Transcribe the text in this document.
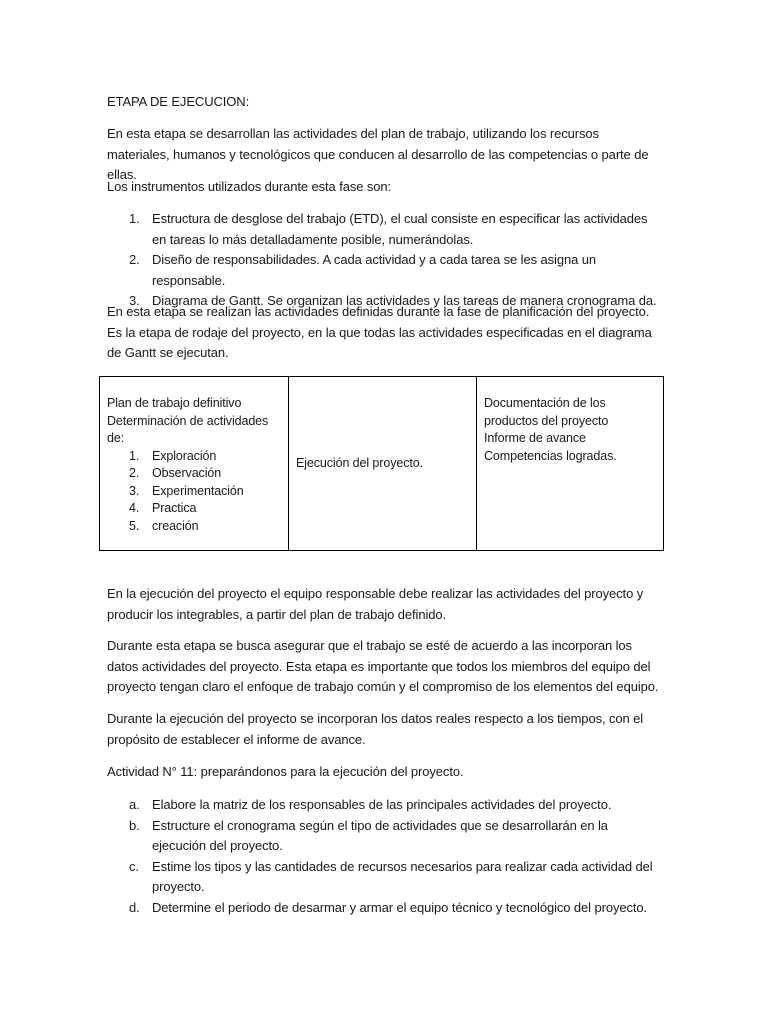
ETAPA DE EJECUCION:

En esta etapa se desarrollan las actividades del plan de trabajo, utilizando los recursos materiales, humanos y tecnológicos que conducen al desarrollo de las competencias o parte de ellas.

Los instrumentos utilizados durante esta fase son:

1. Estructura de desglose del trabajo (ETD), el cual consiste en especificar las actividades en tareas lo más detalladamente posible, numerándolas.
2. Diseño de responsabilidades. A cada actividad y a cada tarea se les asigna un responsable.
3. Diagrama de Gantt. Se organizan las actividades y las tareas de manera cronograma da.

En esta etapa se realizan las actividades definidas durante la fase de planificación del proyecto. Es la etapa de rodaje del proyecto, en la que todas las actividades especificadas en el diagrama de Gantt se ejecutan.

Plan de trabajo definitivo
Determinación de actividades de:
1. Exploración
2. Observación
3. Experimentación
4. Practica
5. creación
Ejecución del proyecto.
Documentación de los productos del proyecto
Informe de avance
Competencias logradas.

En la ejecución del proyecto el equipo responsable debe realizar las actividades del proyecto y producir los integrables, a partir del plan de trabajo definido.

Durante esta etapa se busca asegurar que el trabajo se esté de acuerdo a las incorporan los datos actividades del proyecto. Esta etapa es importante que todos los miembros del equipo del proyecto tengan claro el enfoque de trabajo común y el compromiso de los elementos del equipo.

Durante la ejecución del proyecto se incorporan los datos reales respecto a los tiempos, con el propósito de establecer el informe de avance.

Actividad N° 11: preparándonos para la ejecución del proyecto.

a. Elabore la matriz de los responsables de las principales actividades del proyecto.
b. Estructure el cronograma según el tipo de actividades que se desarrollarán en la ejecución del proyecto.
c. Estime los tipos y las cantidades de recursos necesarios para realizar cada actividad del proyecto.
d. Determine el periodo de desarmar y armar el equipo técnico y tecnológico del proyecto.
